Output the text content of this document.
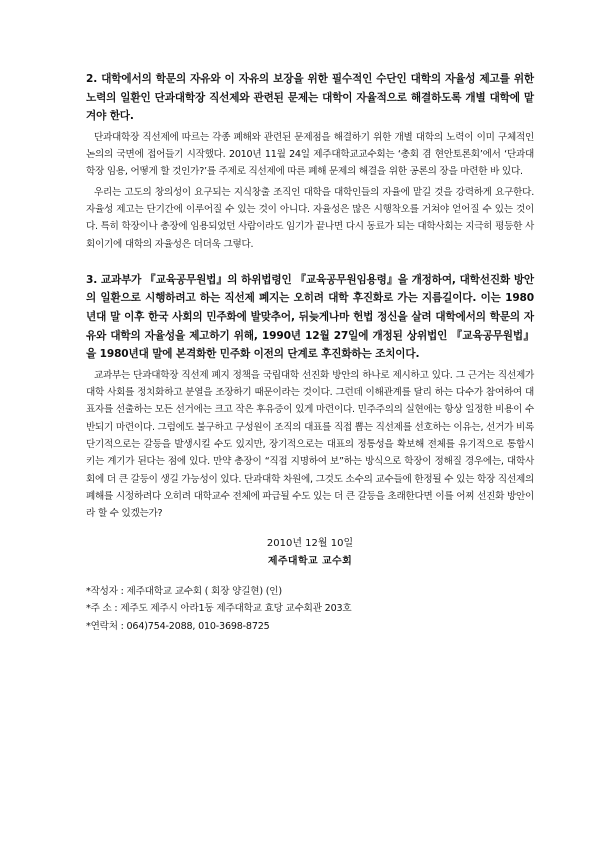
2. 대학에서의 학문의 자유와 이 자유의 보장을 위한 필수적인 수단인 대학의 자율성 제고를 위한 노력의 일환인 단과대학장 직선제와 관련된 문제는 대학이 자율적으로 해결하도록 개별 대학에 맡겨야 한다.

단과대학장 직선제에 따르는 각종 폐해와 관련된 문제점을 해결하기 위한 개별 대학의 노력이 이미 구체적인 논의의 국면에 접어들기 시작했다. 2010년 11월 24일 제주대학교교수회는 ‘총회 겸 현안토론회’에서 ‘단과대학장 임용, 어떻게 할 것인가?’를 주제로 직선제에 따른 폐해 문제의 해결을 위한 공론의 장을 마련한 바 있다.

우리는 고도의 창의성이 요구되는 지식창출 조직인 대학을 대학인들의 자율에 맡길 것을 강력하게 요구한다. 자율성 제고는 단기간에 이루어질 수 있는 것이 아니다. 자율성은 많은 시행착오를 거쳐야 얻어질 수 있는 것이다. 특히 학장이나 총장에 임용되었던 사람이라도 임기가 끝나면 다시 동료가 되는 대학사회는 지극히 평등한 사회이기에 대학의 자율성은 더더욱 그렇다.

3. 교과부가 『교육공무원법』의 하위법령인 『교육공무원임용령』을 개정하여, 대학선진화 방안의 일환으로 시행하려고 하는 직선제 폐지는 오히려 대학 후진화로 가는 지름길이다. 이는 1980년대 말 이후 한국 사회의 민주화에 발맞추어, 뒤늦게나마 헌법 정신을 살려 대학에서의 학문의 자유와 대학의 자율성을 제고하기 위해, 1990년 12월 27일에 개정된 상위법인 『교육공무원법』을 1980년대 말에 본격화한 민주화 이전의 단계로 후진화하는 조치이다.

교과부는 단과대학장 직선제 폐지 정책을 국립대학 선진화 방안의 하나로 제시하고 있다. 그 근거는 직선제가 대학 사회를 정치화하고 분열을 조장하기 때문이라는 것이다. 그런데 이해관계를 달리 하는 다수가 참여하여 대표자를 선출하는 모든 선거에는 크고 작은 후유증이 있게 마련이다. 민주주의의 실현에는 항상 일정한 비용이 수반되기 마련이다. 그럼에도 불구하고 구성원이 조직의 대표를 직접 뽑는 직선제를 선호하는 이유는, 선거가 비록 단기적으로는 갈등을 발생시킬 수도 있지만, 장기적으로는 대표의 정통성을 확보해 전체를 유기적으로 통합시키는 계기가 된다는 점에 있다. 만약 총장이 “직접 지명하여 보”하는 방식으로 학장이 정해질 경우에는, 대학사회에 더 큰 갈등이 생길 가능성이 있다. 단과대학 차원에, 그것도 소수의 교수들에 한정될 수 있는 학장 직선제의 폐해를 시정하려다 오히려 대학교수 전체에 파급될 수도 있는 더 큰 갈등을 초래한다면 이를 어찌 선진화 방안이라 할 수 있겠는가?

2010년 12월 10일

제주대학교 교수회

*작성자 : 제주대학교 교수회 ( 회장 양길현) (인)

*주 소 : 제주도 제주시 아라1동 제주대학교 효당 교수회관 203호

*연락처 : 064)754-2088, 010-3698-8725
